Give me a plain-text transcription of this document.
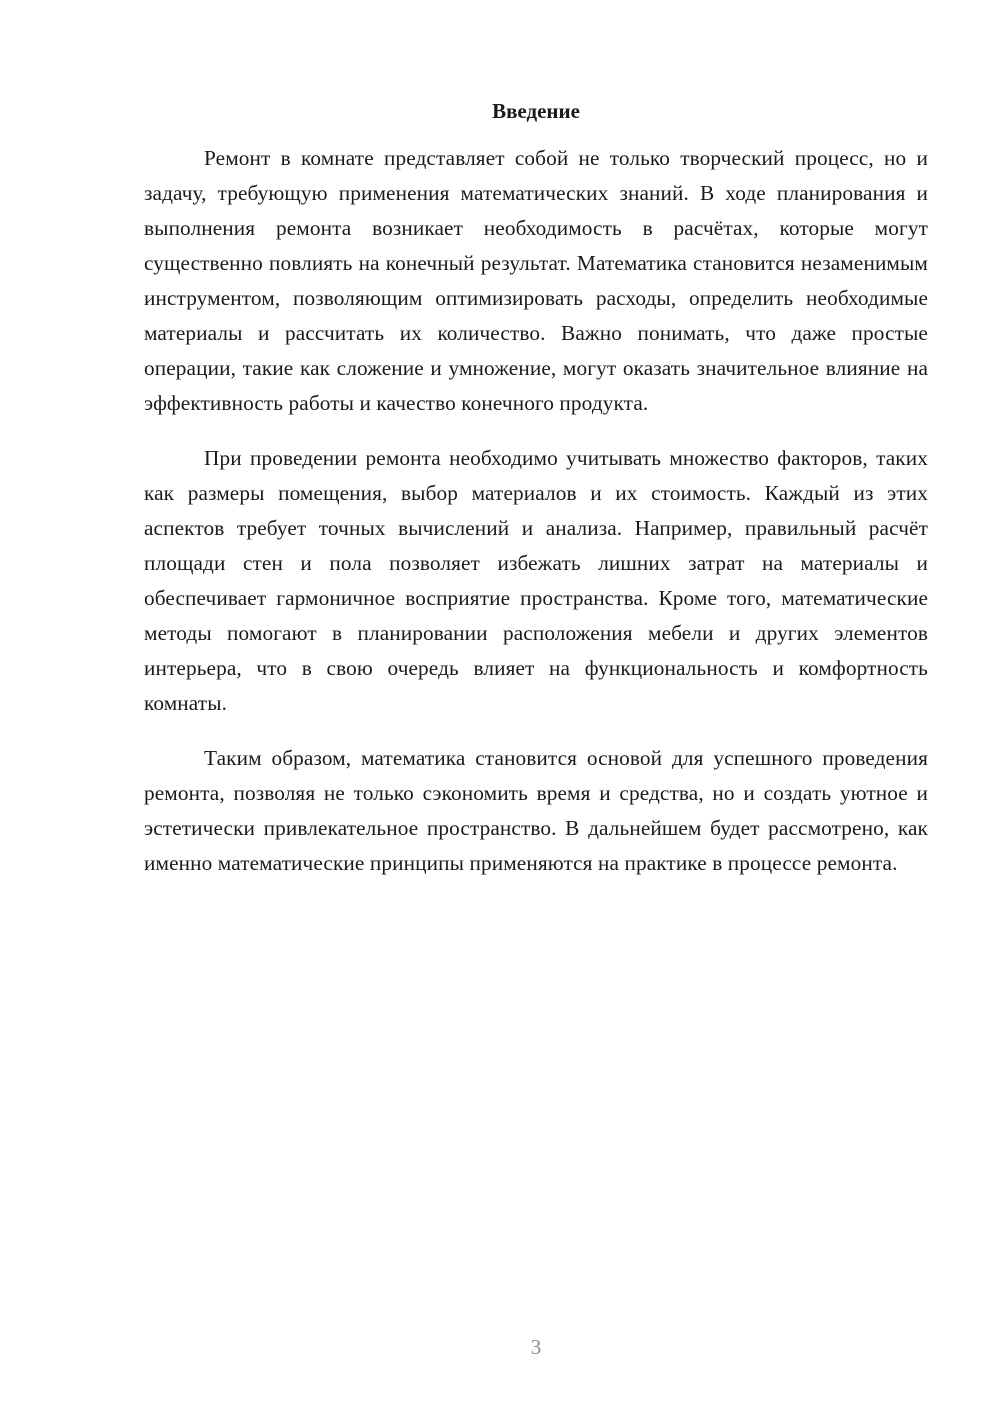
Введение

Ремонт в комнате представляет собой не только творческий процесс, но и задачу, требующую применения математических знаний. В ходе планирования и выполнения ремонта возникает необходимость в расчётах, которые могут существенно повлиять на конечный результат. Математика становится незаменимым инструментом, позволяющим оптимизировать расходы, определить необходимые материалы и рассчитать их количество. Важно понимать, что даже простые операции, такие как сложение и умножение, могут оказать значительное влияние на эффективность работы и качество конечного продукта.

При проведении ремонта необходимо учитывать множество факторов, таких как размеры помещения, выбор материалов и их стоимость. Каждый из этих аспектов требует точных вычислений и анализа. Например, правильный расчёт площади стен и пола позволяет избежать лишних затрат на материалы и обеспечивает гармоничное восприятие пространства. Кроме того, математические методы помогают в планировании расположения мебели и других элементов интерьера, что в свою очередь влияет на функциональность и комфортность комнаты.

Таким образом, математика становится основой для успешного проведения ремонта, позволяя не только сэкономить время и средства, но и создать уютное и эстетически привлекательное пространство. В дальнейшем будет рассмотрено, как именно математические принципы применяются на практике в процессе ремонта.

3
